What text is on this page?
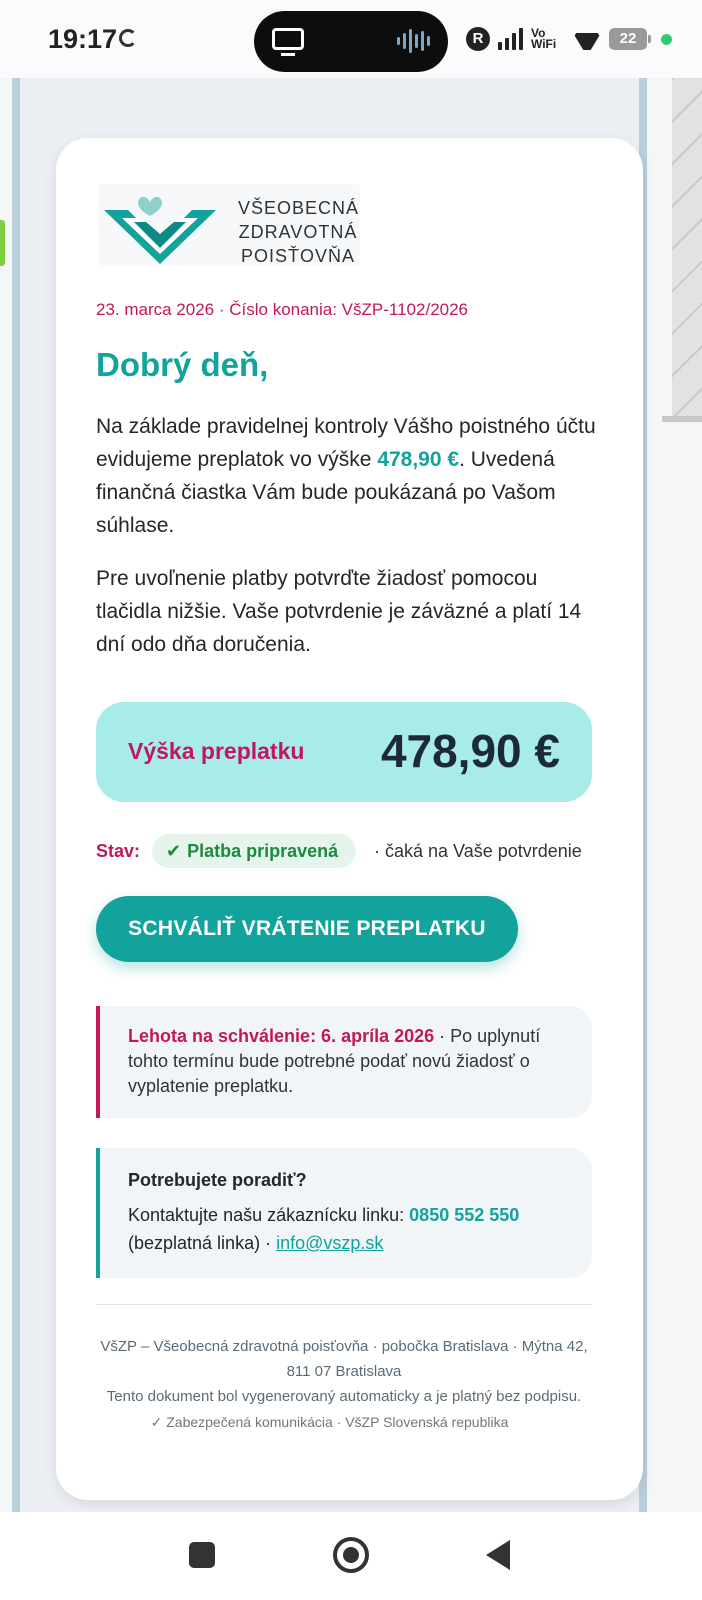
19:17	R	Vo WiFi	22
VŠEOBECNÁ
ZDRAVOTNÁ
POISŤOVŇA
23. marca 2026 · Číslo konania: VšZP-1102/2026
Dobrý deň,

Na základe pravidelnej kontroly Vášho poistného účtu evidujeme preplatok vo výške 478,90 €. Uvedená finančná čiastka Vám bude poukázaná po Vašom súhlase.

Pre uvoľnenie platby potvrďte žiadosť pomocou tlačidla nižšie. Vaše potvrdenie je záväzné a platí 14 dní odo dňa doručenia.

Výška preplatku 478,90 €
Stav:	✔ Platba pripravená	· čaká na Vaše potvrdenie
SCHVÁLIŤ VRÁTENIE PREPLATKU
Lehota na schválenie: 6. apríla 2026 · Po uplynutí tohto termínu bude potrebné podať novú žiadosť o vyplatenie preplatku.
Potrebujete poradiť?
Kontaktujte našu zákaznícku linku: 0850 552 550
(bezplatná linka) · info@vszp.sk
VšZP – Všeobecná zdravotná poisťovňa · pobočka Bratislava · Mýtna 42, 811 07 Bratislava
Tento dokument bol vygenerovaný automaticky a je platný bez podpisu.
✓ Zabezpečená komunikácia · VšZP Slovenská republika
